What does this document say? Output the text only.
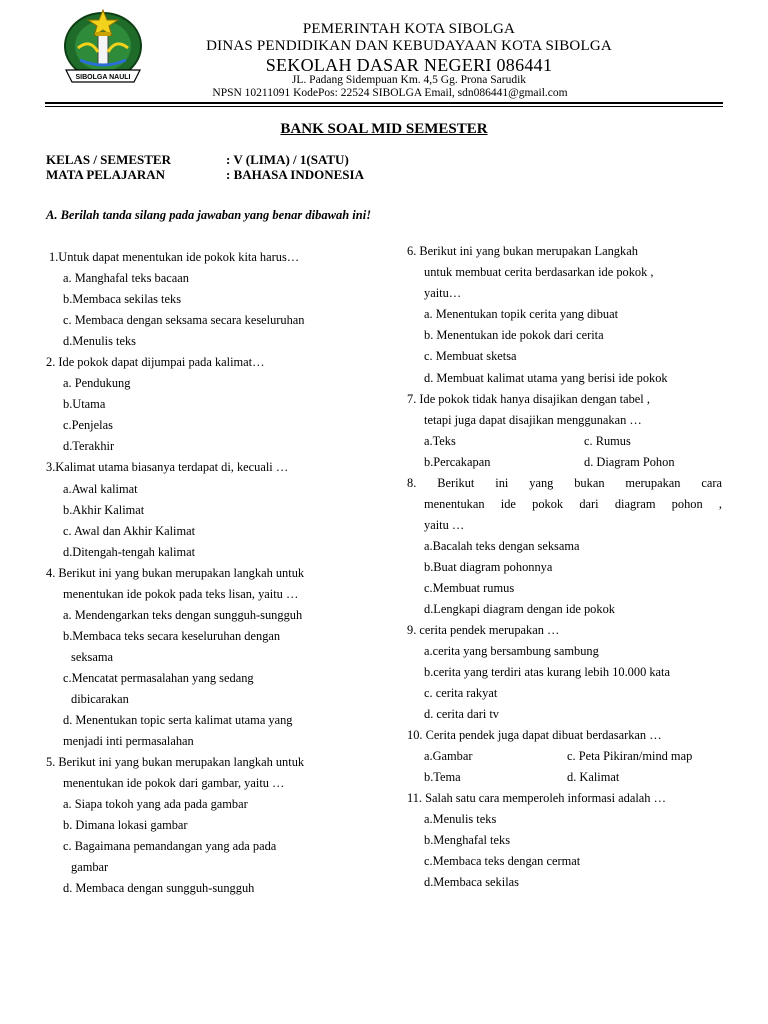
SIBOLGA NAULI
PEMERINTAH KOTA SIBOLGA
DINAS PENDIDIKAN DAN KEBUDAYAAN KOTA SIBOLGA
SEKOLAH DASAR NEGERI 086441
JL. Padang Sidempuan Km. 4,5 Gg. Prona Sarudik
NPSN 10211091 KodePos: 22524 SIBOLGA Email, sdn086441@gmail.com
BANK SOAL MID SEMESTER
KELAS / SEMESTER	: V (LIMA) / 1(SATU)
MATA PELAJARAN	: BAHASA INDONESIA
A. Berilah tanda silang pada jawaban yang benar dibawah ini!
1.Untuk dapat menentukan ide pokok kita harus…
a. Manghafal teks bacaan
b.Membaca sekilas teks
c. Membaca dengan seksama secara keseluruhan
d.Menulis teks
2. Ide pokok dapat dijumpai pada kalimat…
a. Pendukung
b.Utama
c.Penjelas
d.Terakhir
3.Kalimat utama biasanya terdapat di, kecuali …
a.Awal kalimat
b.Akhir Kalimat
c. Awal dan Akhir Kalimat
d.Ditengah-tengah kalimat
4. Berikut ini yang bukan merupakan langkah untuk
menentukan ide pokok pada teks lisan, yaitu …
a. Mendengarkan teks dengan sungguh-sungguh
b.Membaca teks secara keseluruhan dengan
seksama
c.Mencatat permasalahan yang sedang
dibicarakan
d. Menentukan topic serta kalimat utama yang
menjadi inti permasalahan
5. Berikut ini yang bukan merupakan langkah untuk
menentukan ide pokok dari gambar, yaitu …
a. Siapa tokoh yang ada pada gambar
b. Dimana lokasi gambar
c. Bagaimana pemandangan yang ada pada
gambar
d. Membaca dengan sungguh-sungguh
6. Berikut ini yang bukan merupakan Langkah
untuk membuat cerita berdasarkan ide pokok ,
yaitu…
a. Menentukan topik cerita yang dibuat
b. Menentukan ide pokok dari cerita
c. Membuat sketsa
d. Membuat kalimat utama yang berisi ide pokok
7. Ide pokok tidak hanya disajikan dengan tabel ,
tetapi juga dapat disajikan menggunakan …
a.Teks	c. Rumus
b.Percakapan	d. Diagram Pohon
8. Berikut ini yang bukan merupakan cara
menentukan ide pokok dari diagram pohon ,
yaitu …
a.Bacalah teks dengan seksama
b.Buat diagram pohonnya
c.Membuat rumus
d.Lengkapi diagram dengan ide pokok
9. cerita pendek merupakan …
a.cerita yang bersambung sambung
b.cerita yang terdiri atas kurang lebih 10.000 kata
c. cerita rakyat
d. cerita dari tv
10. Cerita pendek juga dapat dibuat berdasarkan …
a.Gambar	c. Peta Pikiran/mind map
b.Tema	d. Kalimat
11. Salah satu cara memperoleh informasi adalah …
a.Menulis teks
b.Menghafal teks
c.Membaca teks dengan cermat
d.Membaca sekilas
